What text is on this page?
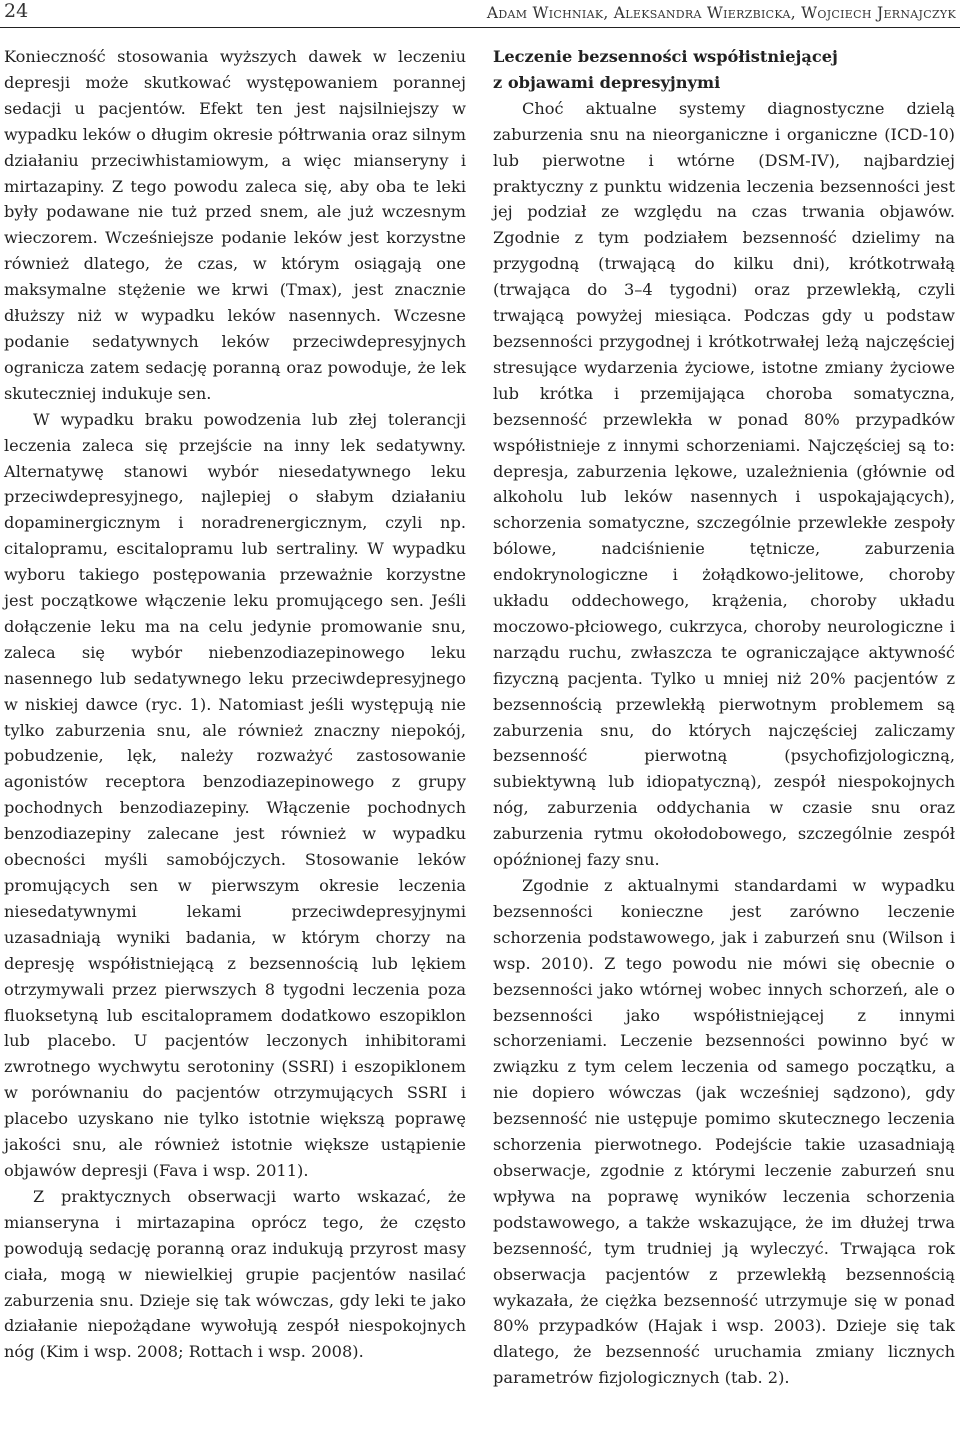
24	Adam Wichniak, Aleksandra Wierzbicka, Wojciech Jernajczyk

Konieczność stosowania wyższych dawek w leczeniu depresji może skutkować występowaniem porannej sedacji u pacjentów. Efekt ten jest najsilniejszy w wypadku leków o długim okresie półtrwania oraz silnym działaniu przeciwhistamiowym, a więc mianseryny i mirtazapiny. Z tego powodu zaleca się, aby oba te leki były podawane nie tuż przed snem, ale już wczesnym wieczorem. Wcześniejsze podanie leków jest korzystne również dlatego, że czas, w którym osiągają one maksymalne stężenie we krwi (Tmax), jest znacznie dłuższy niż w wypadku leków nasennych. Wczesne podanie sedatywnych leków przeciwdepresyjnych ogranicza zatem sedację poranną oraz powoduje, że lek skuteczniej indukuje sen.

W wypadku braku powodzenia lub złej tolerancji leczenia zaleca się przejście na inny lek sedatywny. Alternatywę stanowi wybór niesedatywnego leku przeciwdepresyjnego, najlepiej o słabym działaniu dopaminergicznym i noradrenergicznym, czyli np. citalopramu, escitalopramu lub sertraliny. W wypadku wyboru takiego postępowania przeważnie korzystne jest początkowe włączenie leku promującego sen. Jeśli dołączenie leku ma na celu jedynie promowanie snu, zaleca się wybór niebenzodiazepinowego leku nasennego lub sedatywnego leku przeciwdepresyjnego w niskiej dawce (ryc. 1). Natomiast jeśli występują nie tylko zaburzenia snu, ale również znaczny niepokój, pobudzenie, lęk, należy rozważyć zastosowanie agonistów receptora benzodiazepinowego z grupy pochodnych benzodiazepiny. Włączenie pochodnych benzodiazepiny zalecane jest również w wypadku obecności myśli samobójczych. Stosowanie leków promujących sen w pierwszym okresie leczenia niesedatywnymi lekami przeciwdepresyjnymi uzasadniają wyniki badania, w którym chorzy na depresję współistniejącą z bezsennością lub lękiem otrzymywali przez pierwszych 8 tygodni leczenia poza fluoksetyną lub escitalopramem dodatkowo eszopiklon lub placebo. U pacjentów leczonych inhibitorami zwrotnego wychwytu serotoniny (SSRI) i eszopiklonem w porównaniu do pacjentów otrzymujących SSRI i placebo uzyskano nie tylko istotnie większą poprawę jakości snu, ale również istotnie większe ustąpienie objawów depresji (Fava i wsp. 2011).

Z praktycznych obserwacji warto wskazać, że mianseryna i mirtazapina oprócz tego, że często powodują sedację poranną oraz indukują przyrost masy ciała, mogą w niewielkiej grupie pacjentów nasilać zaburzenia snu. Dzieje się tak wówczas, gdy leki te jako działanie niepożądane wywołują zespół niespokojnych nóg (Kim i wsp. 2008; Rottach i wsp. 2008).

Leczenie bezsenności współistniejącej
z objawami depresyjnymi

Choć aktualne systemy diagnostyczne dzielą zaburzenia snu na nieorganiczne i organiczne (ICD-10) lub pierwotne i wtórne (DSM-IV), najbardziej praktyczny z punktu widzenia leczenia bezsenności jest jej podział ze względu na czas trwania objawów. Zgodnie z tym podziałem bezsenność dzielimy na przygodną (trwającą do kilku dni), krótkotrwałą (trwająca do 3–4 tygodni) oraz przewlekłą, czyli trwającą powyżej miesiąca. Podczas gdy u podstaw bezsenności przygodnej i krótkotrwałej leżą najczęściej stresujące wydarzenia życiowe, istotne zmiany życiowe lub krótka i przemijająca choroba somatyczna, bezsenność przewlekła w ponad 80% przypadków współistnieje z innymi schorzeniami. Najczęściej są to: depresja, zaburzenia lękowe, uzależnienia (głównie od alkoholu lub leków nasennych i uspokajających), schorzenia somatyczne, szczególnie przewlekłe zespoły bólowe, nadciśnienie tętnicze, zaburzenia endokrynologiczne i żołądkowo-jelitowe, choroby układu oddechowego, krążenia, choroby układu moczowo-płciowego, cukrzyca, choroby neurologiczne i narządu ruchu, zwłaszcza te ograniczające aktywność fizyczną pacjenta. Tylko u mniej niż 20% pacjentów z bezsennością przewlekłą pierwotnym problemem są zaburzenia snu, do których najczęściej zaliczamy bezsenność pierwotną (psychofizjologiczną, subiektywną lub idiopatyczną), zespół niespokojnych nóg, zaburzenia oddychania w czasie snu oraz zaburzenia rytmu okołodobowego, szczególnie zespół opóźnionej fazy snu.

Zgodnie z aktualnymi standardami w wypadku bezsenności konieczne jest zarówno leczenie schorzenia podstawowego, jak i zaburzeń snu (Wilson i wsp. 2010). Z tego powodu nie mówi się obecnie o bezsenności jako wtórnej wobec innych schorzeń, ale o bezsenności jako współistniejącej z innymi schorzeniami. Leczenie bezsenności powinno być w związku z tym celem leczenia od samego początku, a nie dopiero wówczas (jak wcześniej sądzono), gdy bezsenność nie ustępuje pomimo skutecznego leczenia schorzenia pierwotnego. Podejście takie uzasadniają obserwacje, zgodnie z którymi leczenie zaburzeń snu wpływa na poprawę wyników leczenia schorzenia podstawowego, a także wskazujące, że im dłużej trwa bezsenność, tym trudniej ją wyleczyć. Trwająca rok obserwacja pacjentów z przewlekłą bezsennością wykazała, że ciężka bezsenność utrzymuje się w ponad 80% przypadków (Hajak i wsp. 2003). Dzieje się tak dlatego, że bezsenność uruchamia zmiany licznych parametrów fizjologicznych (tab. 2).
